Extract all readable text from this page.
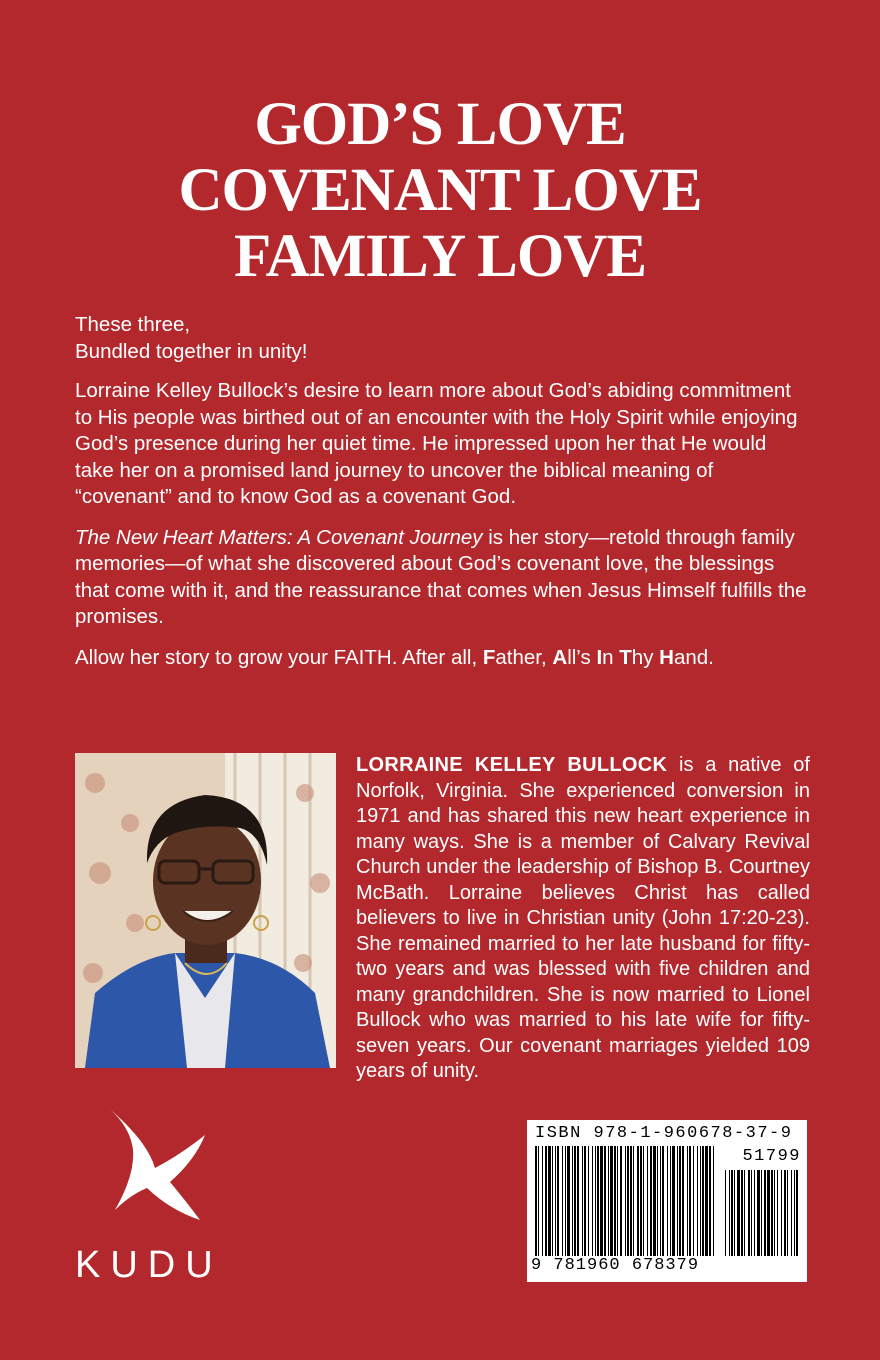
GOD’S LOVE
COVENANT LOVE
FAMILY LOVE

These three,
Bundled together in unity!

Lorraine Kelley Bullock’s desire to learn more about God’s abiding commitment to His people was birthed out of an encounter with the Holy Spirit while enjoying God’s presence during her quiet time. He impressed upon her that He would take her on a promised land journey to uncover the biblical meaning of “covenant” and to know God as a covenant God.

The New Heart Matters: A Covenant Journey is her story—retold through family memories—of what she discovered about God’s covenant love, the blessings that come with it, and the reassurance that comes when Jesus Himself fulfills the promises.

Allow her story to grow your FAITH. After all, Father, All’s In Thy Hand.

LORRAINE KELLEY BULLOCK is a native of Norfolk, Virginia. She experienced conversion in 1971 and has shared this new heart experience in many ways. She is a member of Calvary Revival Church under the leadership of Bishop B. Courtney McBath. Lorraine believes Christ has called believers to live in Christian unity (John 17:20-23). She remained married to her late husband for fifty-two years and was blessed with five children and many grandchildren. She is now married to Lionel Bullock who was married to his late wife for fifty-seven years. Our covenant marriages yielded 109 years of unity.
KUDU
ISBN 978-1-960678-37-9
51799
9 781960 678379
